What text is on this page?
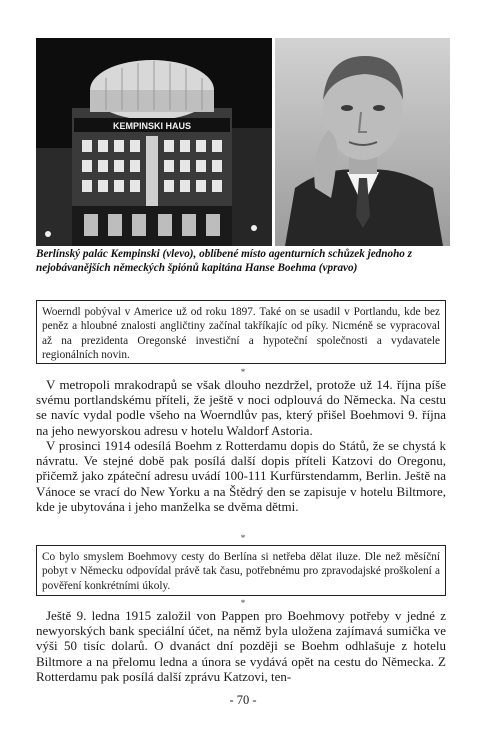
KEMPINSKI HAUS

Berlínský palác Kempinski (vlevo), oblíbené místo agenturních schůzek jednoho z nejobávanějších německých špiónů kapitána Hanse Boehma (vpravo)

Woerndl pobýval v Americe už od roku 1897. Také on se usadil v Portlandu, kde bez peněz a hloubné znalosti angličtiny začínal takříkajíc od píky. Nicméně se vypracoval až na prezidenta Oregonské investiční a hypoteční společnosti a vydavatele regionálních novin.
*

V metropoli mrakodrapů se však dlouho nezdržel, protože už 14. října píše svému portlandskému příteli, že ještě v noci odplouvá do Německa. Na cestu se navíc vydal podle všeho na Woerndlův pas, který přišel Boehmovi 9. října na jeho newyorskou adresu v hotelu Waldorf Astoria.

V prosinci 1914 odesílá Boehm z Rotterdamu dopis do Států, že se chystá k návratu. Ve stejné době pak posílá další dopis příteli Katzovi do Oregonu, přičemž jako zpáteční adresu uvádí 100-111 Kurfürstendamm, Berlin. Ještě na Vánoce se vrací do New Yorku a na Štědrý den se zapisuje v hotelu Biltmore, kde je ubytována i jeho manželka se dvěma dětmi.

*
Co bylo smyslem Boehmovy cesty do Berlína si netřeba dělat iluze. Dle než měsíční pobyt v Německu odpovídal právě tak času, potřebnému pro zpravodajské proškolení a pověření konkrétními úkoly.
*

Ještě 9. ledna 1915 založil von Pappen pro Boehmovy potřeby v jedné z newyorských bank speciální účet, na němž byla uložena zajímavá sumička ve výši 50 tisíc dolarů. O dvanáct dní později se Boehm odhlašuje z hotelu Biltmore a na přelomu ledna a února se vydává opět na cestu do Německa. Z Rotterdamu pak posílá další zprávu Katzovi, ten-

- 70 -
